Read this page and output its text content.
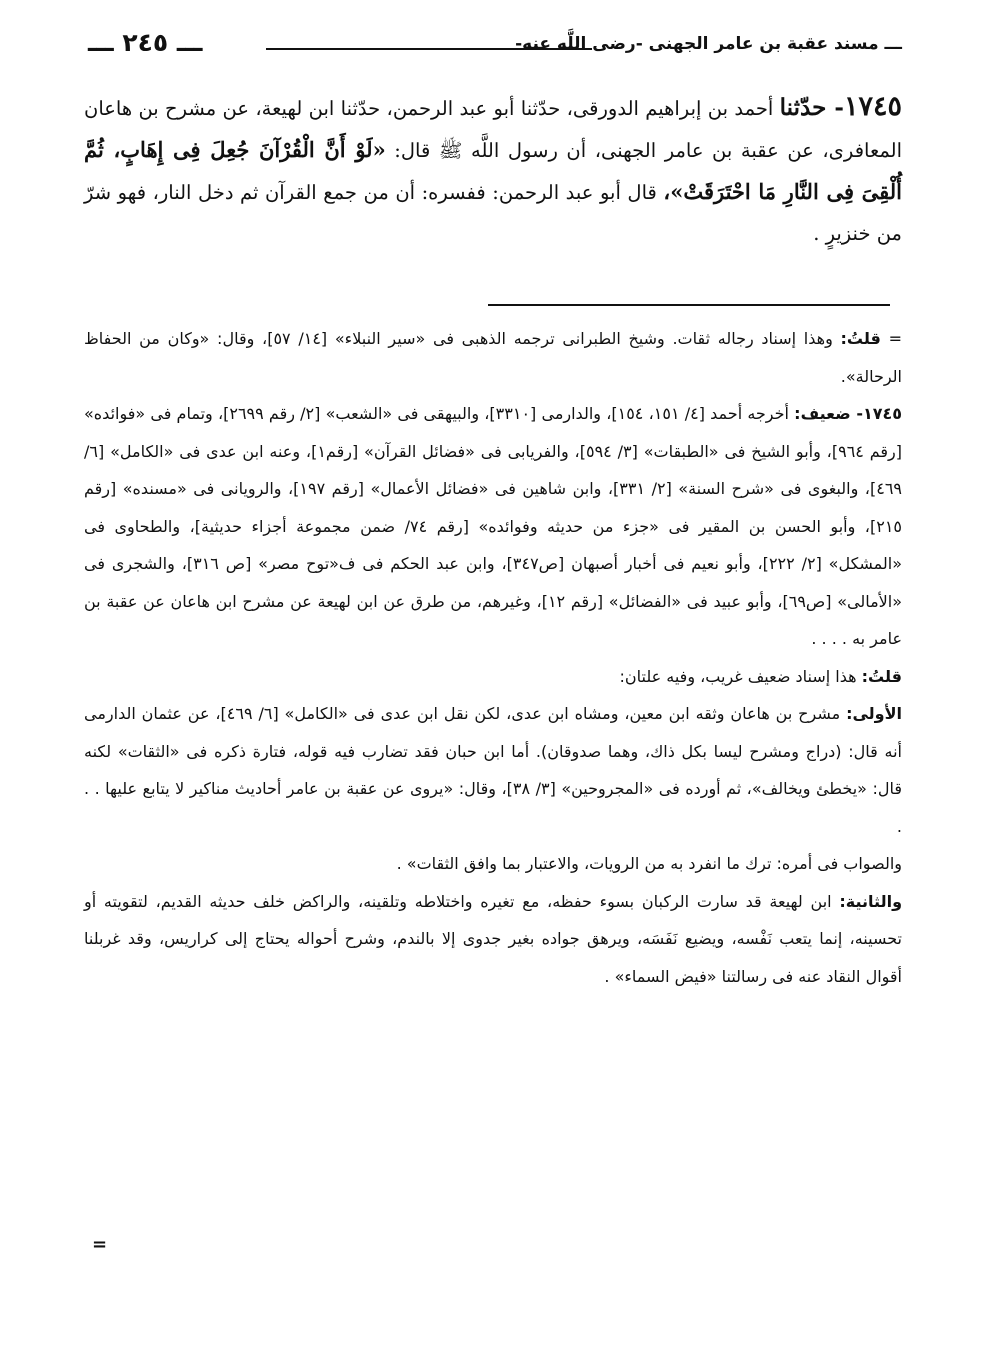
ـــ مسند عقبة بن عامر الجهنى -رضى اللَّه عنه-
ـــ ٢٤٥ ـــ

١٧٤٥- حدّثنا أحمد بن إبراهيم الدورقى، حدّثنا أبو عبد الرحمن، حدّثنا ابن لهيعة، عن مشرح بن هاعان المعافرى، عن عقبة بن عامر الجهنى، أن رسول اللَّه ﷺ قال: «لَوْ أَنَّ الْقُرْآنَ جُعِلَ فِى إِهَابٍ، ثُمَّ أُلْقِىَ فِى النَّارِ مَا احْتَرَقَتْ»، قال أبو عبد الرحمن: ففسره: أن من جمع القرآن ثم دخل النار، فهو شرّ من خنزيرٍ .

= قلتُ: وهذا إسناد رجاله ثقات. وشيخ الطبرانى ترجمه الذهبى فى «سير النبلاء» [١٤/ ٥٧]، وقال: «وكان من الحفاظ الرحالة».

١٧٤٥- ضعيف: أخرجه أحمد [٤/ ١٥١، ١٥٤]، والدارمى [٣٣١٠]، والبيهقى فى «الشعب» [٢/ رقم ٢٦٩٩]، وتمام فى «فوائده» [رقم ٩٦٤]، وأبو الشيخ فى «الطبقات» [٣/ ٥٩٤]، والفريابى فى «فضائل القرآن» [رقم١]، وعنه ابن عدى فى «الكامل» [٦/ ٤٦٩]، والبغوى فى «شرح السنة» [٢/ ٣٣١]، وابن شاهين فى «فضائل الأعمال» [رقم ١٩٧]، والرويانى فى «مسنده» [رقم ٢١٥]، وأبو الحسن بن المقير فى «جزء من حديثه وفوائده» [رقم ٧٤/ ضمن مجموعة أجزاء حديثية]، والطحاوى فى «المشكل» [٢/ ٢٢٢]، وأبو نعيم فى أخبار أصبهان [ص٣٤٧]، وابن عبد الحكم فى ف«توح مصر» [ص ٣١٦]، والشجرى فى «الأمالى» [ص٦٩]، وأبو عبيد فى «الفضائل» [رقم ١٢]، وغيرهم، من طرق عن ابن لهيعة عن مشرح ابن هاعان عن عقبة بن عامر به . . . .

قلتُ: هذا إسناد ضعيف غريب، وفيه علتان:

الأولى: مشرح بن هاعان وثقه ابن معين، ومشاه ابن عدى، لكن نقل ابن عدى فى «الكامل» [٦/ ٤٦٩]، عن عثمان الدارمى أنه قال: (دراج ومشرح ليسا بكل ذاك، وهما صدوقان). أما ابن حبان فقد تضارب فيه قوله، فتارة ذكره فى «الثقات» لكنه قال: «يخطئ ويخالف»، ثم أورده فى «المجروحين» [٣/ ٣٨]، وقال: «يروى عن عقبة بن عامر أحاديث مناكير لا يتابع عليها . . .

والصواب فى أمره: ترك ما انفرد به من الرويات، والاعتبار بما وافق الثقات» .

والثانية: ابن لهيعة قد سارت الركبان بسوء حفظه، مع تغيره واختلاطه وتلقينه، والراكض خلف حديثه القديم، لتقويته أو تحسينه، إنما يتعب نَفْسه، ويضيع نَفَسَه، ويرهق جواده بغير جدوى إلا بالندم، وشرح أحواله يحتاج إلى كراريس، وقد غربلنا أقوال النقاد عنه فى رسالتنا «فيض السماء» .

=
